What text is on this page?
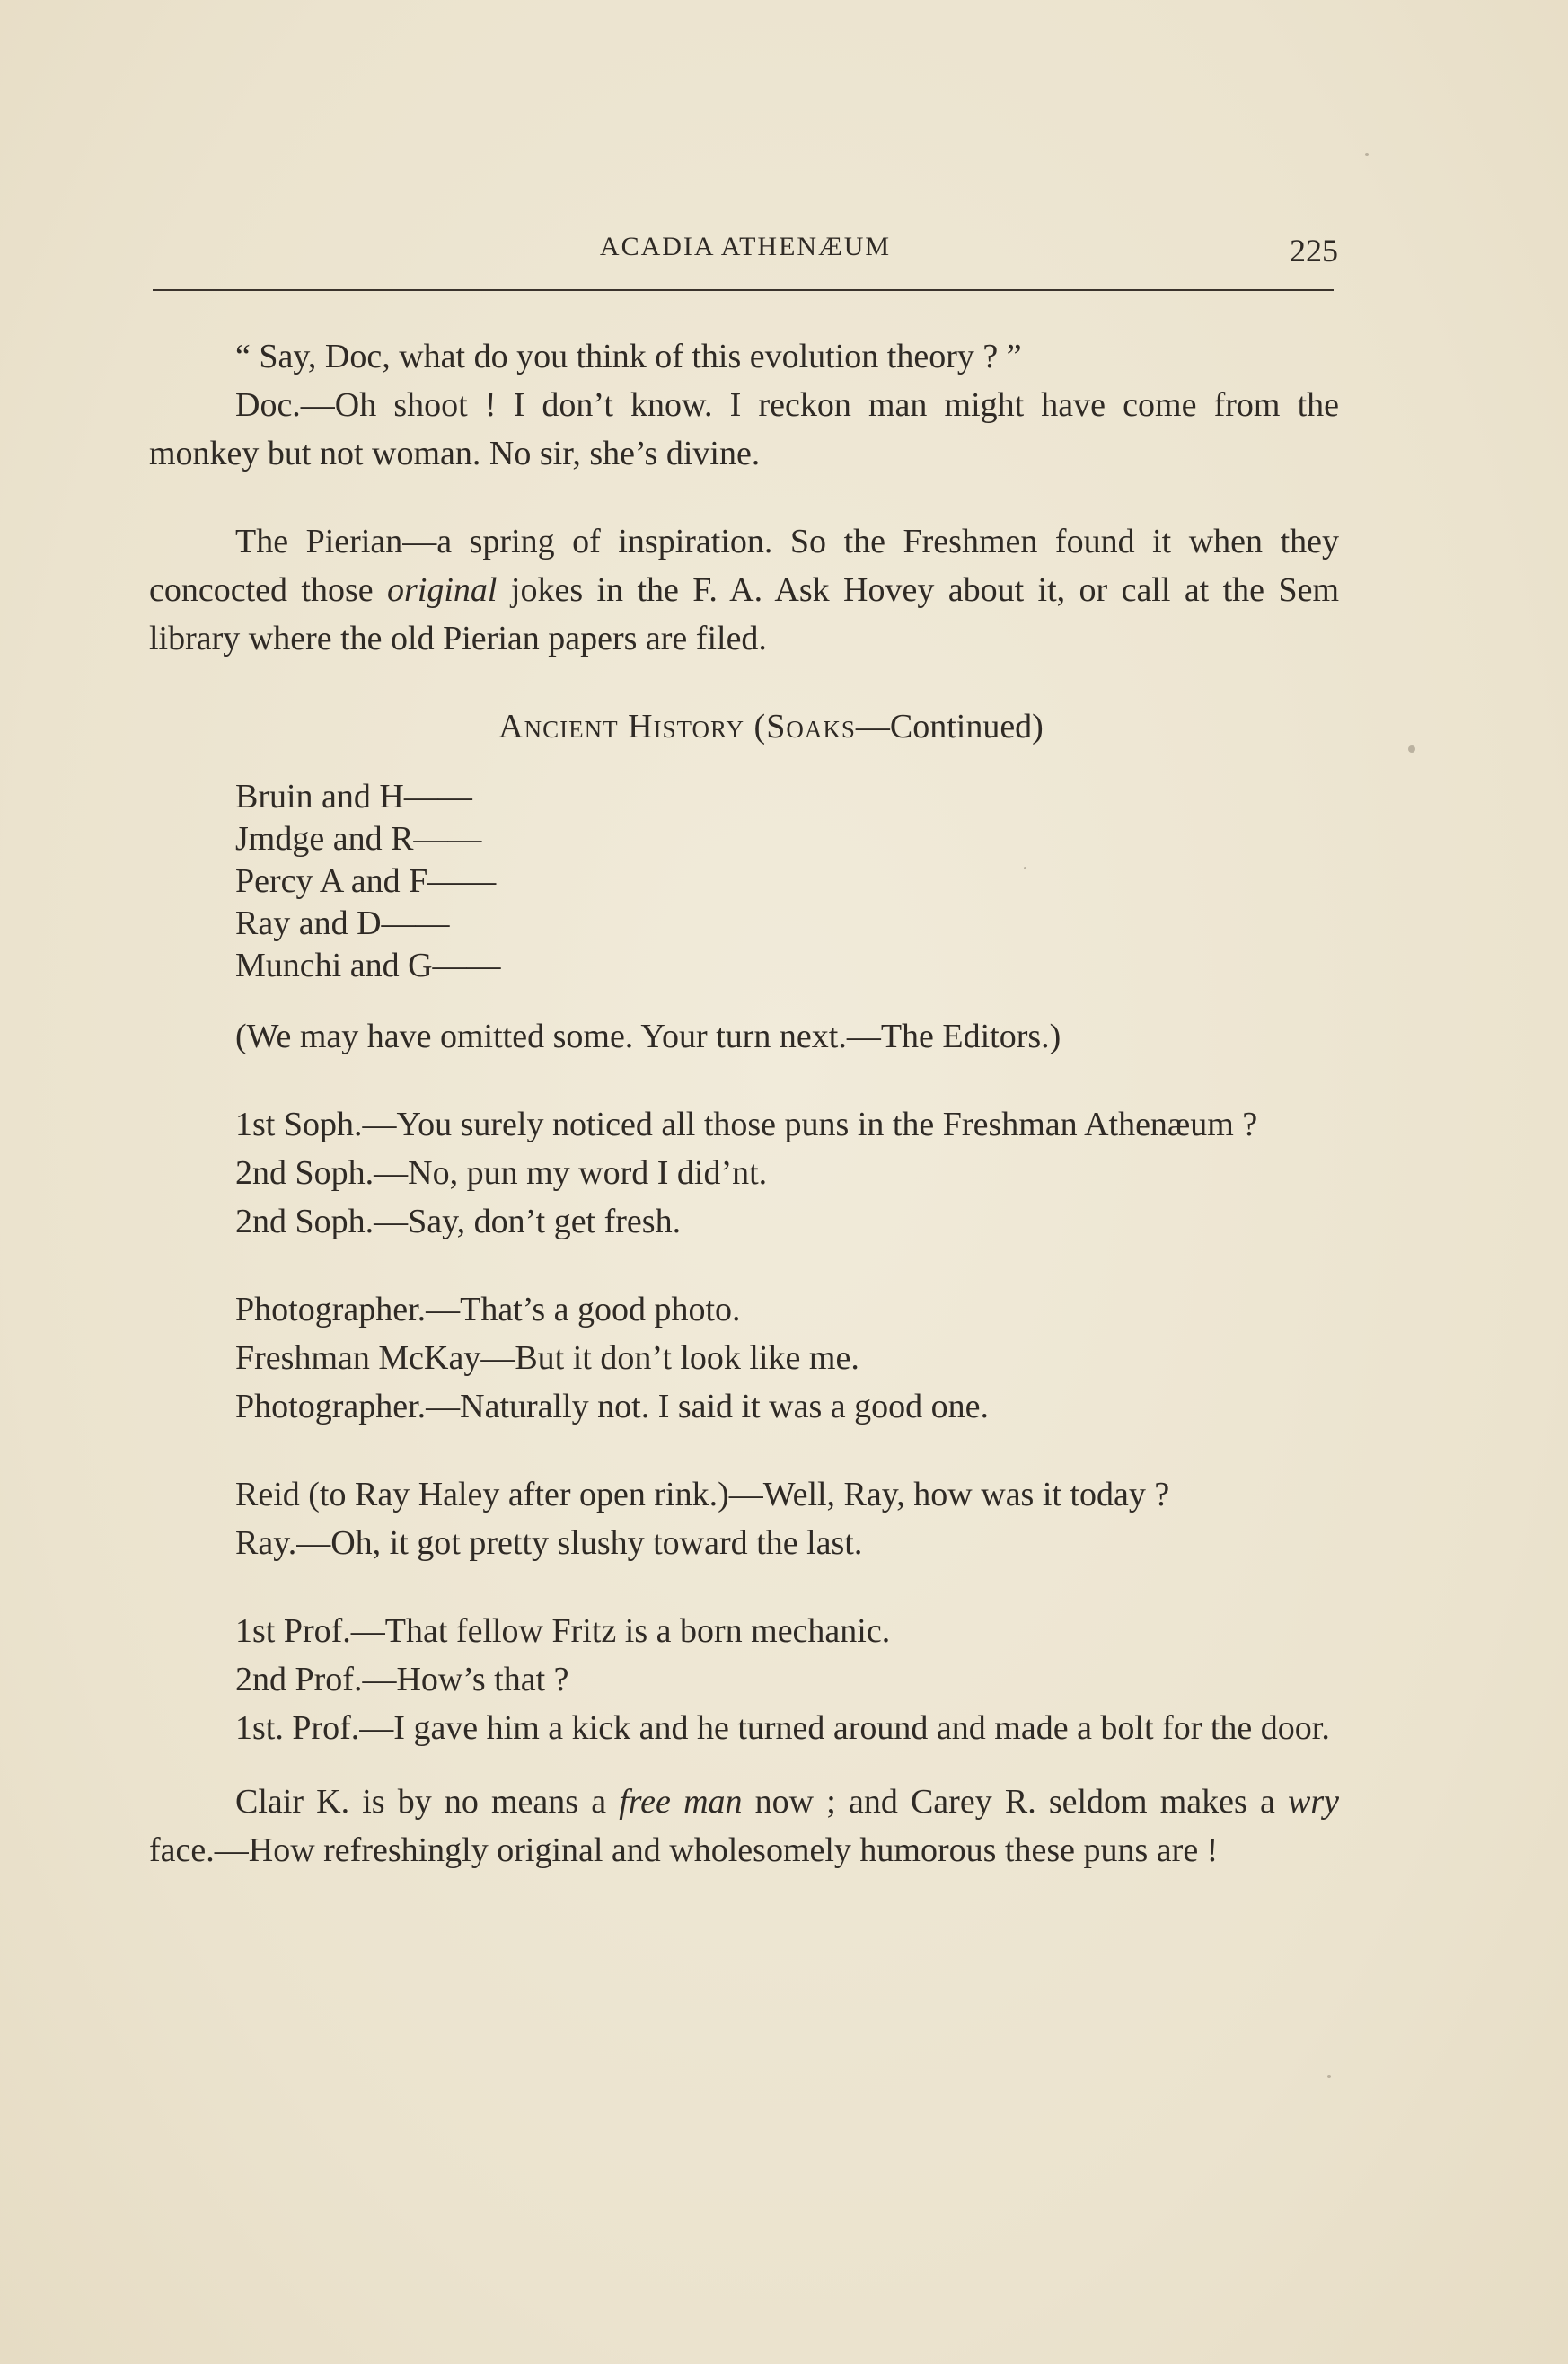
ACADIA ATHENÆUM	225

“ Say, Doc, what do you think of this evolution theory ? ”

Doc.—Oh shoot ! I don’t know. I reckon man might have come from the monkey but not woman. No sir, she’s divine.

The Pierian—a spring of inspiration. So the Freshmen found it when they concocted those original jokes in the F. A. Ask Hovey about it, or call at the Sem library where the old Pierian papers are filed.

Ancient History (Soaks—Continued)

Bruin and H——

Jmdge and R——

Percy A and F——

Ray and D——

Munchi and G——

(We may have omitted some. Your turn next.—The Editors.)

1st Soph.—You surely noticed all those puns in the Freshman Athenæum ?

2nd Soph.—No, pun my word I did’nt.

2nd Soph.—Say, don’t get fresh.

Photographer.—That’s a good photo.

Freshman McKay—But it don’t look like me.

Photographer.—Naturally not. I said it was a good one.

Reid (to Ray Haley after open rink.)—Well, Ray, how was it today ?

Ray.—Oh, it got pretty slushy toward the last.

1st Prof.—That fellow Fritz is a born mechanic.

2nd Prof.—How’s that ?

1st. Prof.—I gave him a kick and he turned around and made a bolt for the door.

Clair K. is by no means a free man now ; and Carey R. seldom makes a wry face.—How refreshingly original and wholesomely humorous these puns are !
